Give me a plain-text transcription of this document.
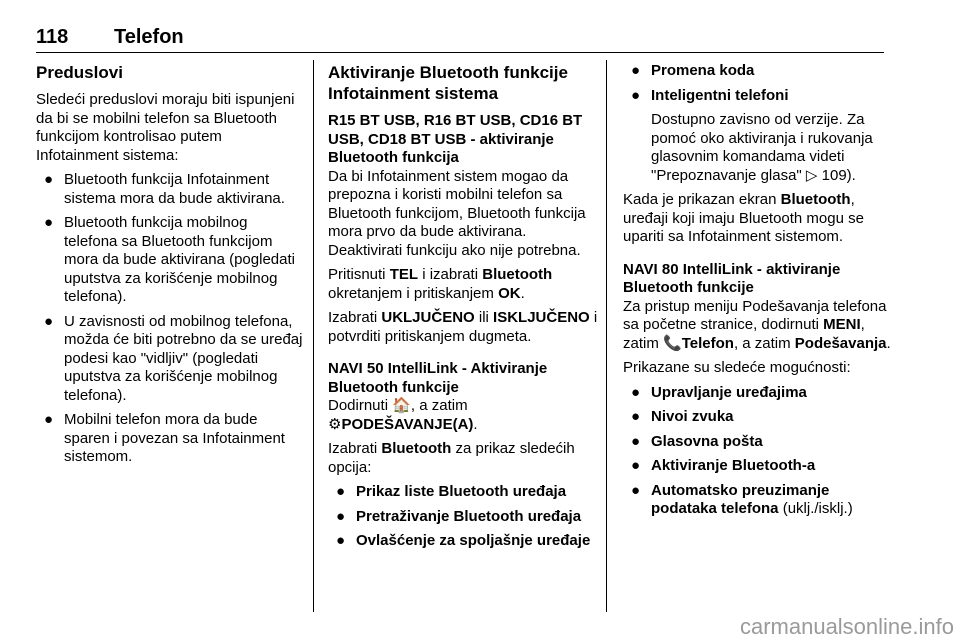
118 Telefon
Preduslovi

Sledeći preduslovi moraju biti ispunjeni da bi se mobilni telefon sa Bluetooth funkcijom kontrolisao putem Infotainment sistema:

● Bluetooth funkcija Infotainment sistema mora da bude aktivirana.
● Bluetooth funkcija mobilnog telefona sa Bluetooth funkcijom mora da bude aktivirana (pogledati uputstva za korišćenje mobilnog telefona).
● U zavisnosti od mobilnog telefona, možda će biti potrebno da se uređaj podesi kao "vidljiv" (pogledati uputstva za korišćenje mobilnog telefona).
● Mobilni telefon mora da bude sparen i povezan sa Infotainment sistemom.
Aktiviranje Bluetooth funkcije Infotainment sistema
R15 BT USB, R16 BT USB, CD16 BT USB, CD18 BT USB - aktiviranje Bluetooth funkcija

Da bi Infotainment sistem mogao da prepozna i koristi mobilni telefon sa Bluetooth funkcijom, Bluetooth funkcija mora prvo da bude aktivirana. Deaktivirati funkciju ako nije potrebna.

Pritisnuti TEL i izabrati Bluetooth okretanjem i pritiskanjem OK.

Izabrati UKLJUČENO ili ISKLJUČENO i potvrditi pritiskanjem dugmeta.

NAVI 50 IntelliLink - Aktiviranje Bluetooth funkcije

Dodirnuti 🏠, a zatim ⚙PODEŠAVANJE(A).

Izabrati Bluetooth za prikaz sledećih opcija:

● Prikaz liste Bluetooth uređaja
● Pretraživanje Bluetooth uređaja
● Ovlašćenje za spoljašnje uređaje
● Promena koda
● Inteligentni telefoni
Dostupno zavisno od verzije. Za pomoć oko aktiviranja i rukovanja glasovnim komandama videti "Prepoznavanje glasa" ▷ 109).

Kada je prikazan ekran Bluetooth, uređaji koji imaju Bluetooth mogu se upariti sa Infotainment sistemom.

NAVI 80 IntelliLink - aktiviranje Bluetooth funkcije

Za pristup meniju Podešavanja telefona sa početne stranice, dodirnuti MENI, zatim 📞Telefon, a zatim Podešavanja.

Prikazane su sledeće mogućnosti:

● Upravljanje uređajima
● Nivoi zvuka
● Glasovna pošta
● Aktiviranje Bluetooth-a
● Automatsko preuzimanje podataka telefona (uklj./isklj.)
carmanualsonline.info
